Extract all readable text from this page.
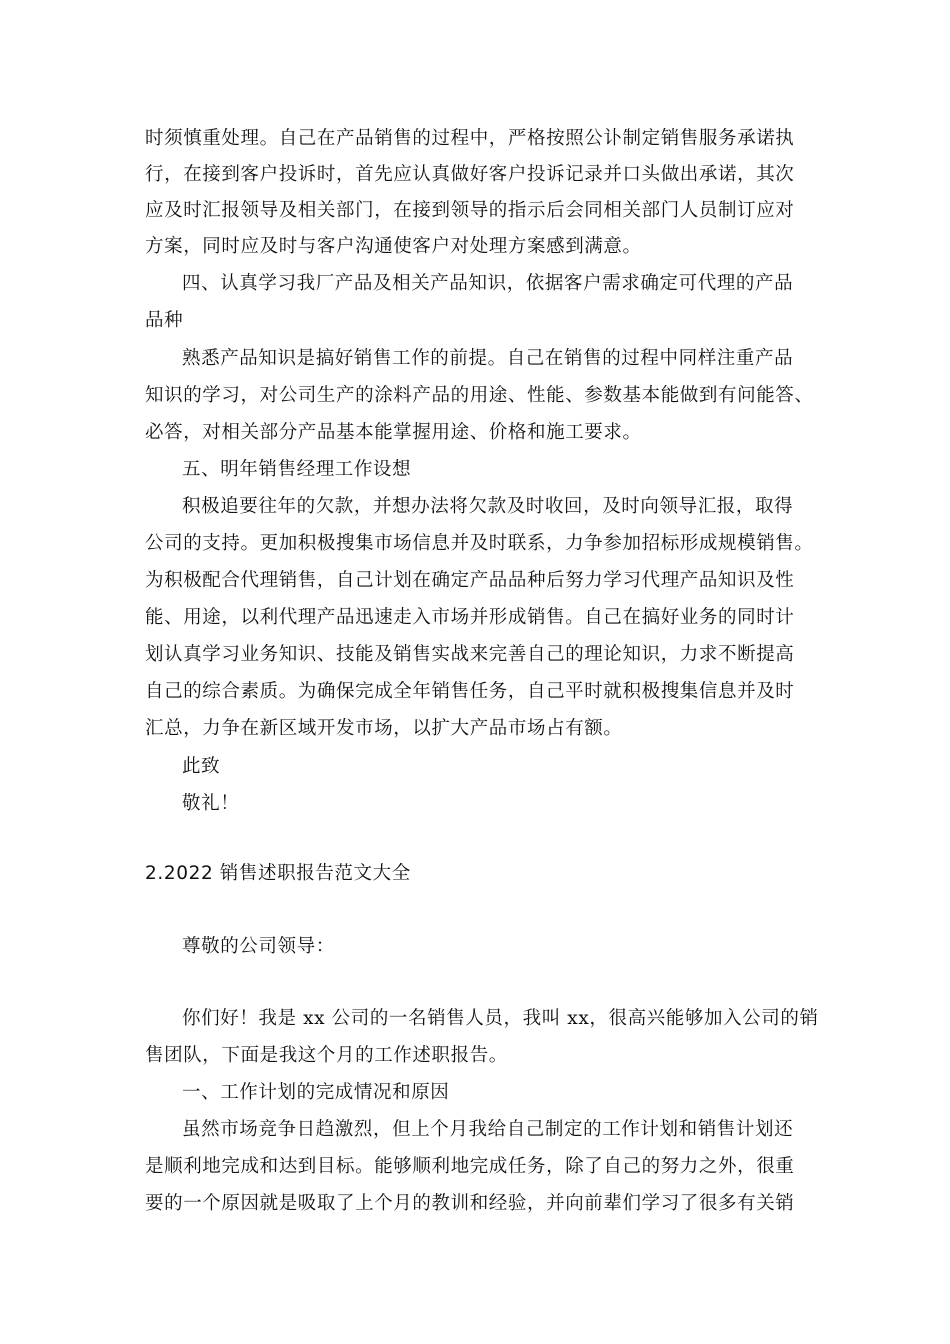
时须慎重处理。自己在产品销售的过程中，严格按照公讣制定销售服务承诺执
行，在接到客户投诉时，首先应认真做好客户投诉记录并口头做出承诺，其次
应及时汇报领导及相关部门，在接到领导的指示后会同相关部门人员制订应对
方案，同时应及时与客户沟通使客户对处理方案感到满意。
四、认真学习我厂产品及相关产品知识，依据客户需求确定可代理的产品
品种
熟悉产品知识是搞好销售工作的前提。自己在销售的过程中同样注重产品
知识的学习，对公司生产的涂料产品的用途、性能、参数基本能做到有问能答、
必答，对相关部分产品基本能掌握用途、价格和施工要求。
五、明年销售经理工作设想
积极追要往年的欠款，并想办法将欠款及时收回，及时向领导汇报，取得
公司的支持。更加积极搜集市场信息并及时联系，力争参加招标形成规模销售。
为积极配合代理销售，自己计划在确定产品品种后努力学习代理产品知识及性
能、用途，以利代理产品迅速走入市场并形成销售。自己在搞好业务的同时计
划认真学习业务知识、技能及销售实战来完善自己的理论知识，力求不断提高
自己的综合素质。为确保完成全年销售任务，自己平时就积极搜集信息并及时
汇总，力争在新区域开发市场，以扩大产品市场占有额。
此致
敬礼！
2.2022 销售述职报告范文大全
尊敬的公司领导：
你们好！我是 xx 公司的一名销售人员，我叫 xx，很高兴能够加入公司的销
售团队，下面是我这个月的工作述职报告。
一、工作计划的完成情况和原因
虽然市场竞争日趋激烈，但上个月我给自己制定的工作计划和销售计划还
是顺利地完成和达到目标。能够顺利地完成任务，除了自己的努力之外，很重
要的一个原因就是吸取了上个月的教训和经验，并向前辈们学习了很多有关销
